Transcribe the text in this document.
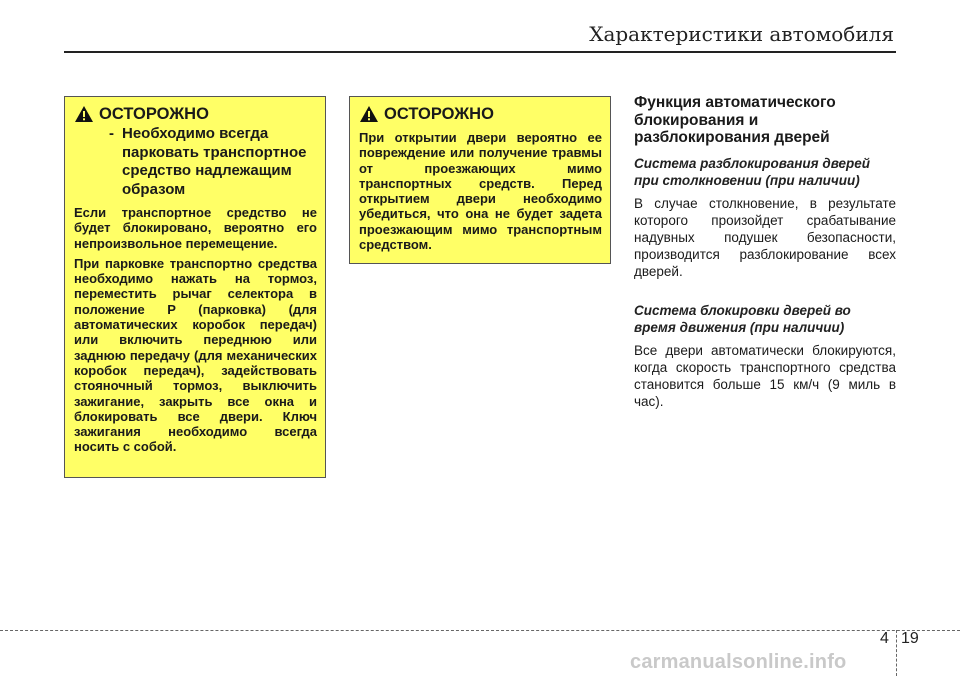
Характеристики автомобиля
ОСТОРОЖНО
- Необходимо всегда парковать транспортное средство надлежащим образом

Если транспортное средство не будет блокировано, вероятно его непроизвольное перемещение.

При парковке транспортно средства необходимо нажать на тормоз, переместить рычаг селектора в положение P (парковка) (для автоматических коробок передач) или включить переднюю или заднюю передачу (для механических коробок передач), задействовать стояночный тормоз, выключить зажигание, закрыть все окна и блокировать все двери. Ключ зажигания необходимо всегда носить с собой.

ОСТОРОЖНО

При открытии двери вероятно ее повреждение или получение травмы от проезжающих мимо транспортных средств. Перед открытием двери необходимо убедиться, что она не будет задета проезжающим мимо транспортным средством.

Функция автоматического блокирования и разблокирования дверей
Система разблокирования дверей при столкновении (при наличии)

В случае столкновение, в результате которого произойдет срабатывание надувных подушек безопасности, производится разблокирование всех дверей.

Система блокировки дверей во время движения (при наличии)

Все двери автоматически блокируются, когда скорость транспортного средства становится больше 15 км/ч (9 миль в час).

4 19
carmanualsonline.info
